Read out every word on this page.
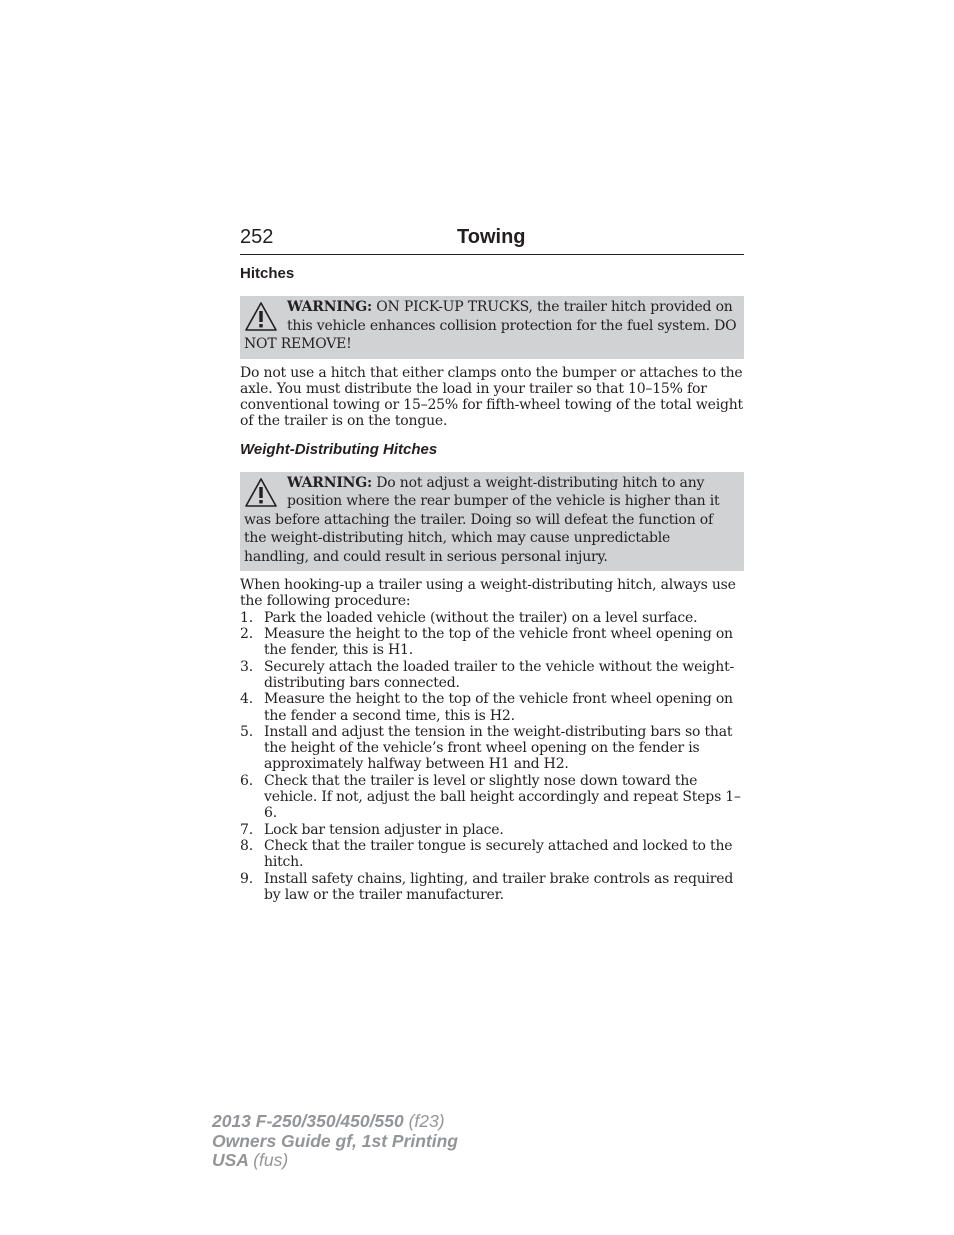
252	Towing
Hitches
WARNING: ON PICK-UP TRUCKS, the trailer hitch provided on this vehicle enhances collision protection for the fuel system. DO NOT REMOVE!

Do not use a hitch that either clamps onto the bumper or attaches to the axle. You must distribute the load in your trailer so that 10–15% for conventional towing or 15–25% for fifth-wheel towing of the total weight of the trailer is on the tongue.

Weight-Distributing Hitches
WARNING: Do not adjust a weight-distributing hitch to any position where the rear bumper of the vehicle is higher than it was before attaching the trailer. Doing so will defeat the function of the weight-distributing hitch, which may cause unpredictable handling, and could result in serious personal injury.

When hooking-up a trailer using a weight-distributing hitch, always use the following procedure:

1. Park the loaded vehicle (without the trailer) on a level surface.
2. Measure the height to the top of the vehicle front wheel opening on the fender, this is H1.
3. Securely attach the loaded trailer to the vehicle without the weight-distributing bars connected.
4. Measure the height to the top of the vehicle front wheel opening on the fender a second time, this is H2.
5. Install and adjust the tension in the weight-distributing bars so that the height of the vehicle’s front wheel opening on the fender is approximately halfway between H1 and H2.
6. Check that the trailer is level or slightly nose down toward the vehicle. If not, adjust the ball height accordingly and repeat Steps 1–6.
7. Lock bar tension adjuster in place.
8. Check that the trailer tongue is securely attached and locked to the hitch.
9. Install safety chains, lighting, and trailer brake controls as required by law or the trailer manufacturer.
2013 F-250/350/450/550 (f23)
Owners Guide gf, 1st Printing
USA (fus)
